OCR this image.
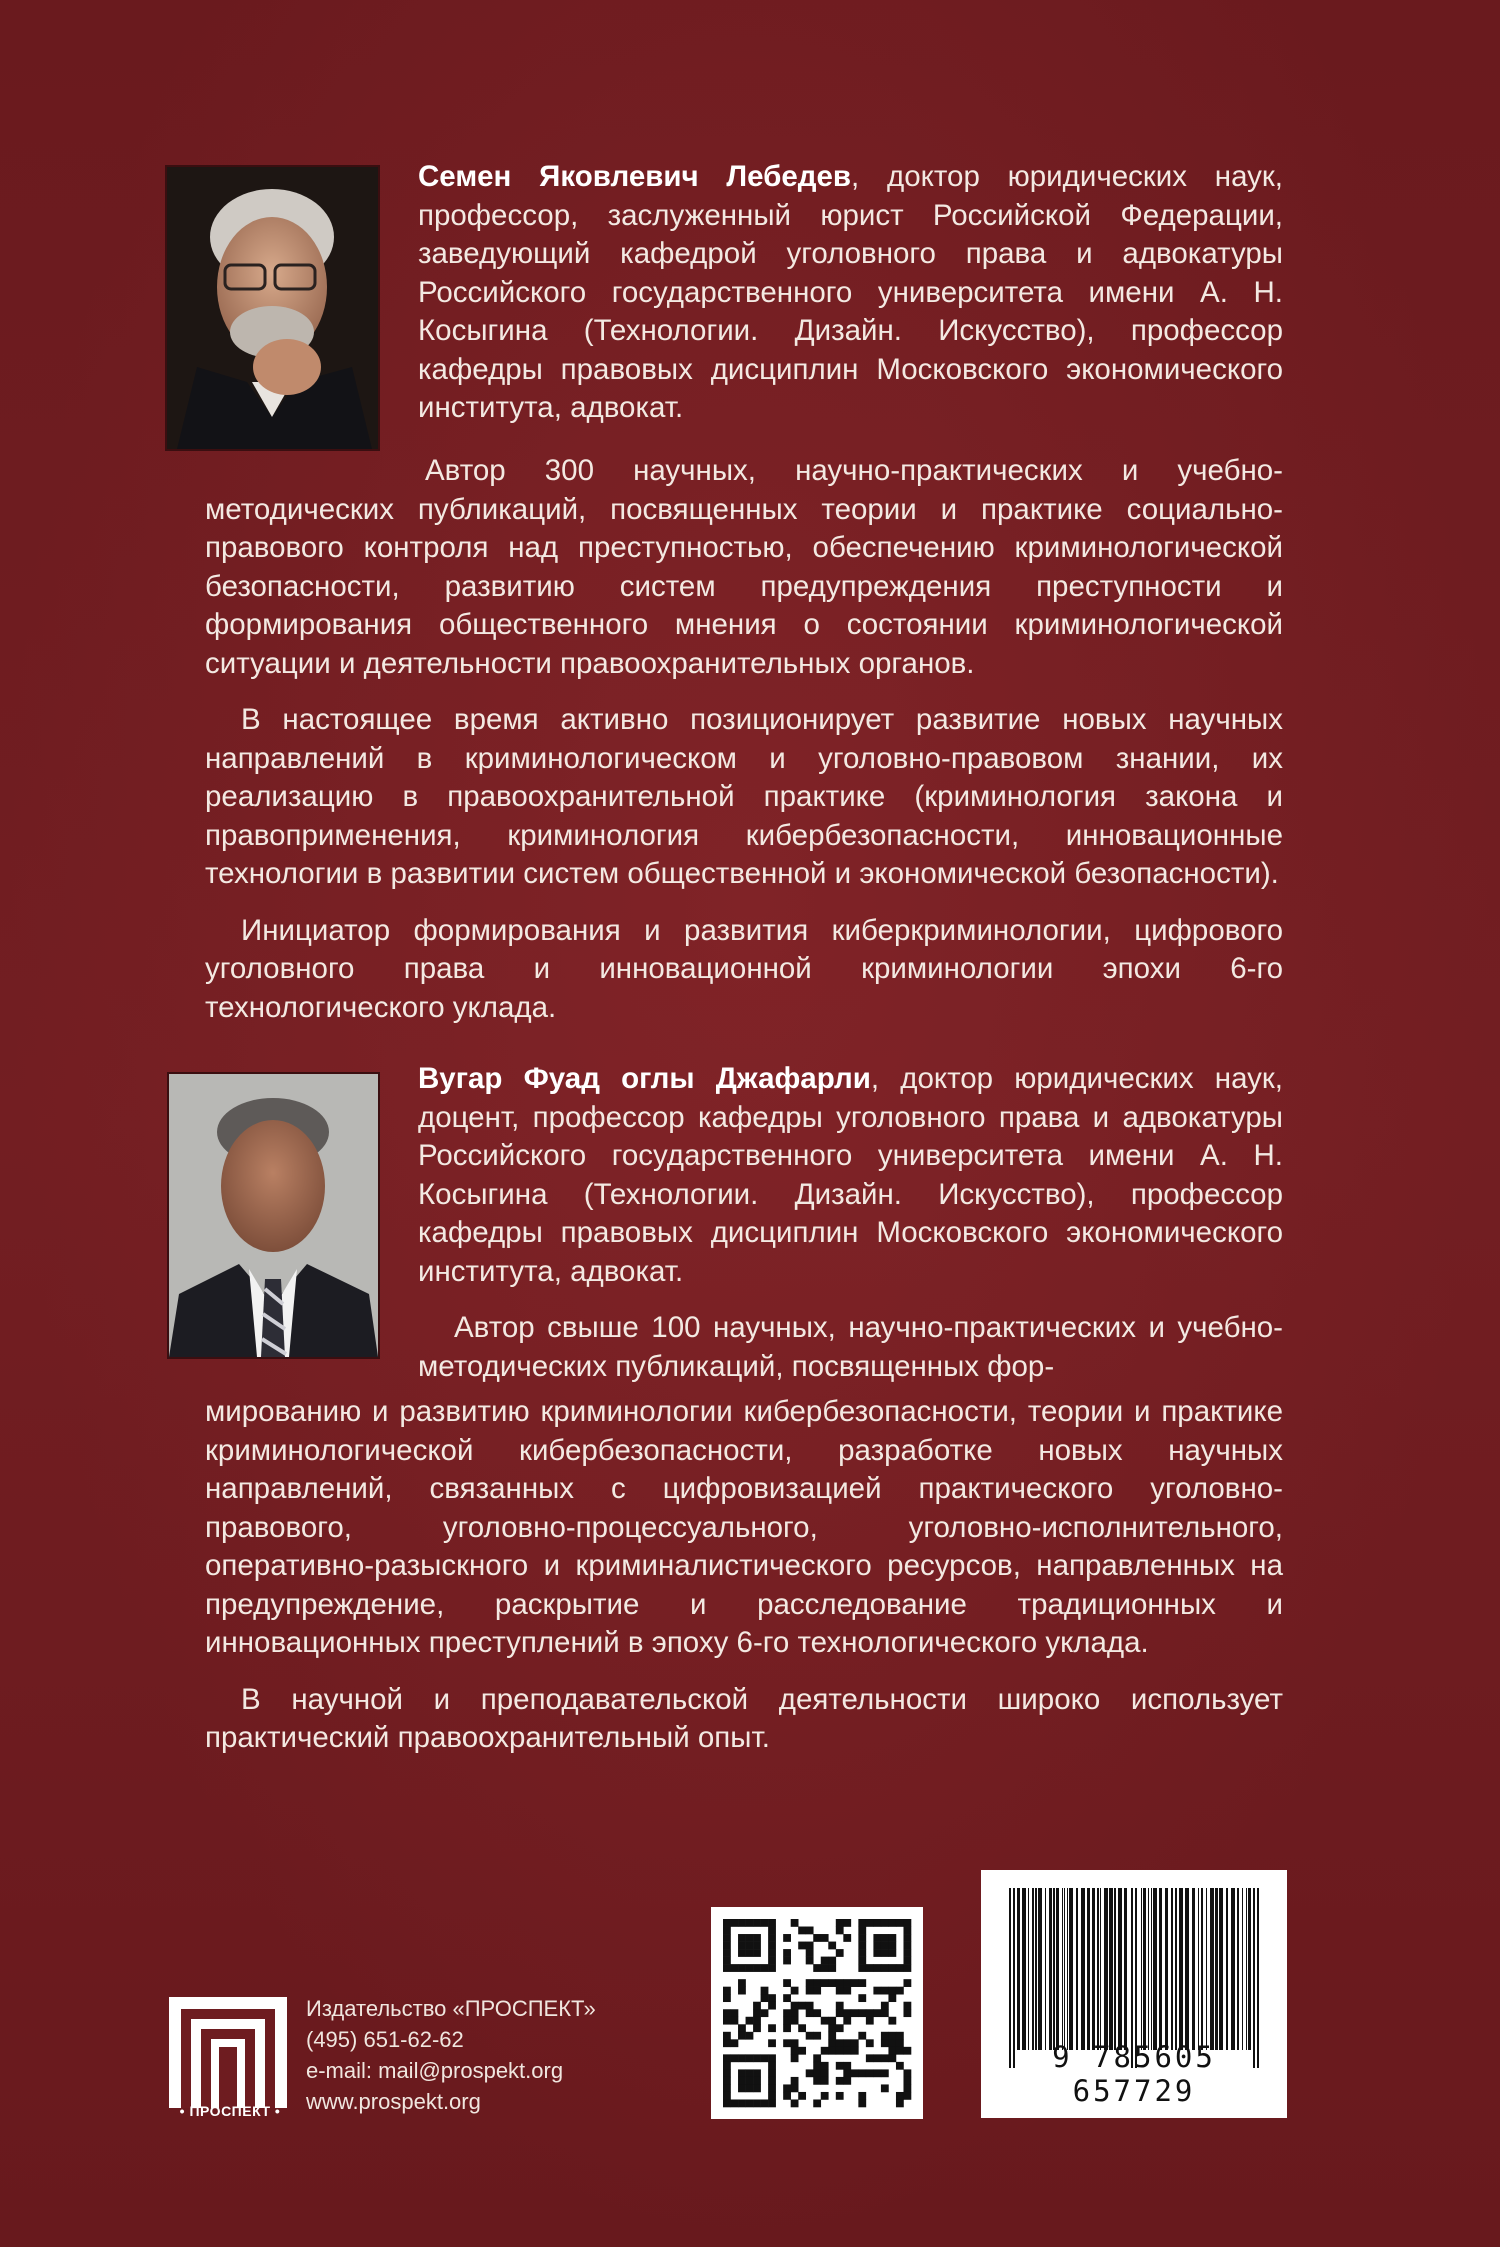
Семен Яковлевич Лебедев, доктор юридических наук, профессор, заслуженный юрист Российской Федерации, заведующий кафедрой уголовного права и адвокатуры Российского государственного университета имени А. Н. Косыгина (Технологии. Дизайн. Искусство), профессор кафедры правовых дисциплин Московского экономического института, адвокат.

Автор 300 научных, научно-практических и учебно-методических публикаций, посвященных теории и практике социально-правового контроля над преступностью, обеспечению криминологической безопасности, развитию систем предупреждения преступности и формирования общественного мнения о состоянии криминологической ситуации и деятельности правоохранительных органов.

В настоящее время активно позиционирует развитие новых научных направлений в криминологическом и уголовно-правовом знании, их реализацию в правоохранительной практике (криминология закона и правоприменения, криминология кибербезопасности, инновационные технологии в развитии систем общественной и экономической безопасности).

Инициатор формирования и развития киберкриминологии, цифрового уголовного права и инновационной криминологии эпохи 6-го технологического уклада.

Вугар Фуад оглы Джафарли, доктор юридических наук, доцент, профессор кафедры уголовного права и адвокатуры Российского государственного университета имени А. Н. Косыгина (Технологии. Дизайн. Искусство), профессор кафедры правовых дисциплин Московского экономического института, адвокат.

Автор свыше 100 научных, научно-практических и учебно-методических публикаций, посвященных фор-

мированию и развитию криминологии кибербезопасности, теории и практике криминологической кибербезопасности, разработке новых научных направлений, связанных с цифровизацией практического уголовно-правового, уголовно-процессуального, уголовно-исполнительного, оперативно-разыскного и криминалистического ресурсов, направленных на предупреждение, раскрытие и расследование традиционных и инновационных преступлений в эпоху 6-го технологического уклада.

В научной и преподавательской деятельности широко использует практический правоохранительный опыт.

• ПРОСПЕКТ •
Издательство «ПРОСПЕКТ»
(495) 651-62-62
e-mail: mail@prospekt.org
www.prospekt.org
9 785605 657729
